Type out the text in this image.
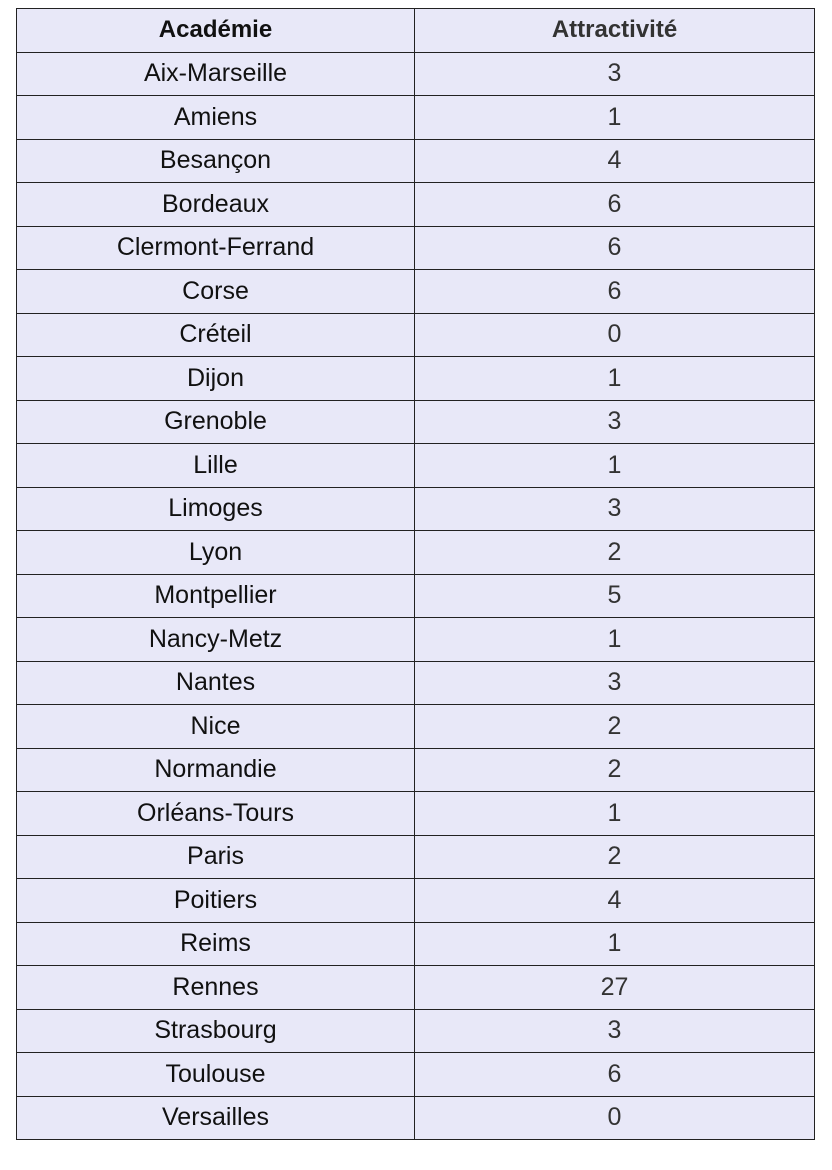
Académie	Attractivité
Aix-Marseille	3
Amiens	1
Besançon	4
Bordeaux	6
Clermont-Ferrand	6
Corse	6
Créteil	0
Dijon	1
Grenoble	3
Lille	1
Limoges	3
Lyon	2
Montpellier	5
Nancy-Metz	1
Nantes	3
Nice	2
Normandie	2
Orléans-Tours	1
Paris	2
Poitiers	4
Reims	1
Rennes	27
Strasbourg	3
Toulouse	6
Versailles	0
